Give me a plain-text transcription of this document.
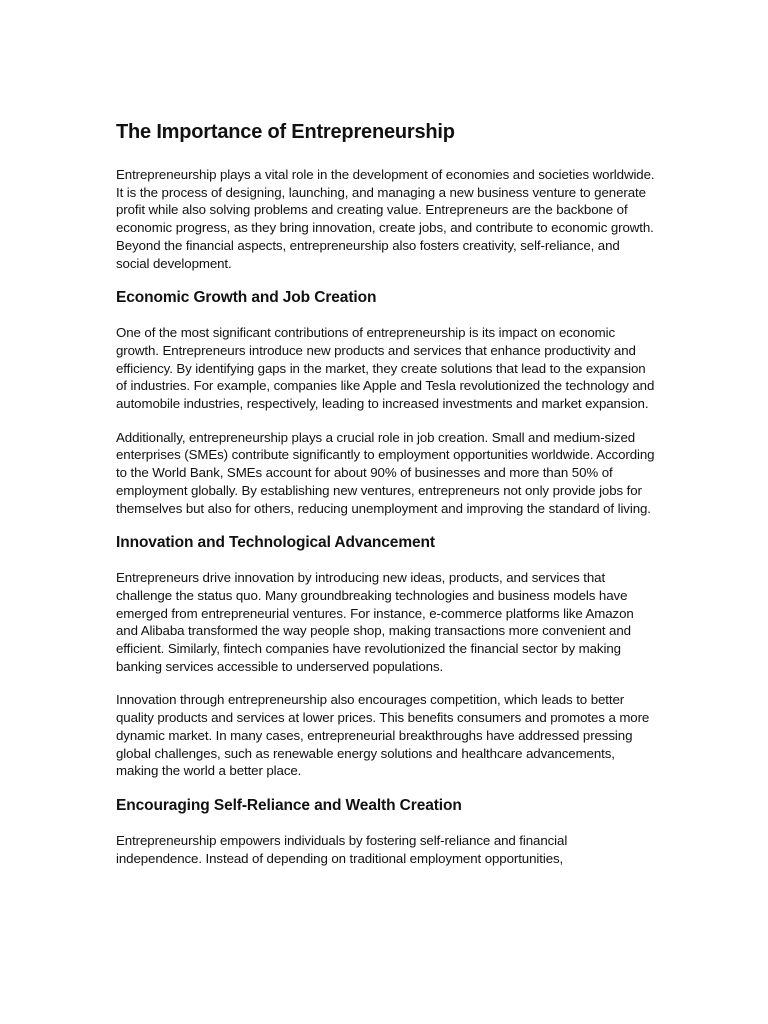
The Importance of Entrepreneurship

Entrepreneurship plays a vital role in the development of economies and societies worldwide. It is the process of designing, launching, and managing a new business venture to generate profit while also solving problems and creating value. Entrepreneurs are the backbone of economic progress, as they bring innovation, create jobs, and contribute to economic growth. Beyond the financial aspects, entrepreneurship also fosters creativity, self-reliance, and social development.

Economic Growth and Job Creation

One of the most significant contributions of entrepreneurship is its impact on economic growth. Entrepreneurs introduce new products and services that enhance productivity and efficiency. By identifying gaps in the market, they create solutions that lead to the expansion of industries. For example, companies like Apple and Tesla revolutionized the technology and automobile industries, respectively, leading to increased investments and market expansion.

Additionally, entrepreneurship plays a crucial role in job creation. Small and medium-sized enterprises (SMEs) contribute significantly to employment opportunities worldwide. According to the World Bank, SMEs account for about 90% of businesses and more than 50% of employment globally. By establishing new ventures, entrepreneurs not only provide jobs for themselves but also for others, reducing unemployment and improving the standard of living.

Innovation and Technological Advancement

Entrepreneurs drive innovation by introducing new ideas, products, and services that challenge the status quo. Many groundbreaking technologies and business models have emerged from entrepreneurial ventures. For instance, e-commerce platforms like Amazon and Alibaba transformed the way people shop, making transactions more convenient and efficient. Similarly, fintech companies have revolutionized the financial sector by making banking services accessible to underserved populations.

Innovation through entrepreneurship also encourages competition, which leads to better quality products and services at lower prices. This benefits consumers and promotes a more dynamic market. In many cases, entrepreneurial breakthroughs have addressed pressing global challenges, such as renewable energy solutions and healthcare advancements, making the world a better place.

Encouraging Self-Reliance and Wealth Creation

Entrepreneurship empowers individuals by fostering self-reliance and financial independence. Instead of depending on traditional employment opportunities,
